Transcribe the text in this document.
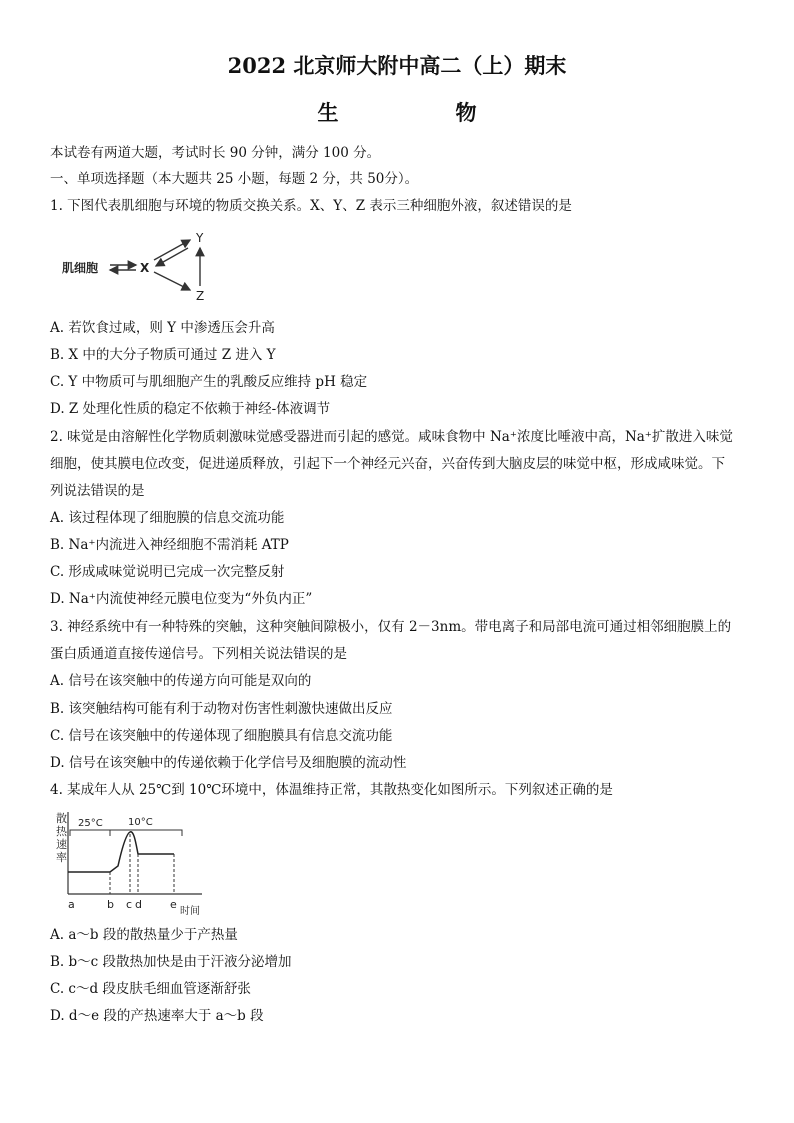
2022 北京师大附中高二（上）期末
生　物
本试卷有两道大题，考试时长 90 分钟，满分 100 分。
一、单项选择题（本大题共 25 小题，每题 2 分，共 50分）。
1. 下图代表肌细胞与环境的物质交换关系。X、Y、Z 表示三种细胞外液，叙述错误的是
肌细胞	X
Y
Z
A. 若饮食过咸，则 Y 中渗透压会升高
B. X 中的大分子物质可通过 Z 进入 Y
C. Y 中物质可与肌细胞产生的乳酸反应维持 pH 稳定
D. Z 处理化性质的稳定不依赖于神经-体液调节
2. 味觉是由溶解性化学物质刺激味觉感受器进而引起的感觉。咸味食物中 Na⁺浓度比唾液中高，Na⁺扩散进入味觉
细胞，使其膜电位改变，促进递质释放，引起下一个神经元兴奋，兴奋传到大脑皮层的味觉中枢，形成咸味觉。下
列说法错误的是
A. 该过程体现了细胞膜的信息交流功能
B. Na⁺内流进入神经细胞不需消耗 ATP
C. 形成咸味觉说明已完成一次完整反射
D. Na⁺内流使神经元膜电位变为“外负内正”
3. 神经系统中有一种特殊的突触，这种突触间隙极小，仅有 2－3nm。带电离子和局部电流可通过相邻细胞膜上的
蛋白质通道直接传递信号。下列相关说法错误的是
A. 信号在该突触中的传递方向可能是双向的
B. 该突触结构可能有利于动物对伤害性刺激快速做出反应
C. 信号在该突触中的传递体现了细胞膜具有信息交流功能
D. 信号在该突触中的传递依赖于化学信号及细胞膜的流动性
4. 某成年人从 25℃到 10℃环境中，体温维持正常，其散热变化如图所示。下列叙述正确的是
散
热
速
率
25°C	10°C
a	b c d	e
时间
A. a～b 段的散热量少于产热量
B. b～c 段散热加快是由于汗液分泌增加
C. c～d 段皮肤毛细血管逐渐舒张
D. d～e 段的产热速率大于 a～b 段
